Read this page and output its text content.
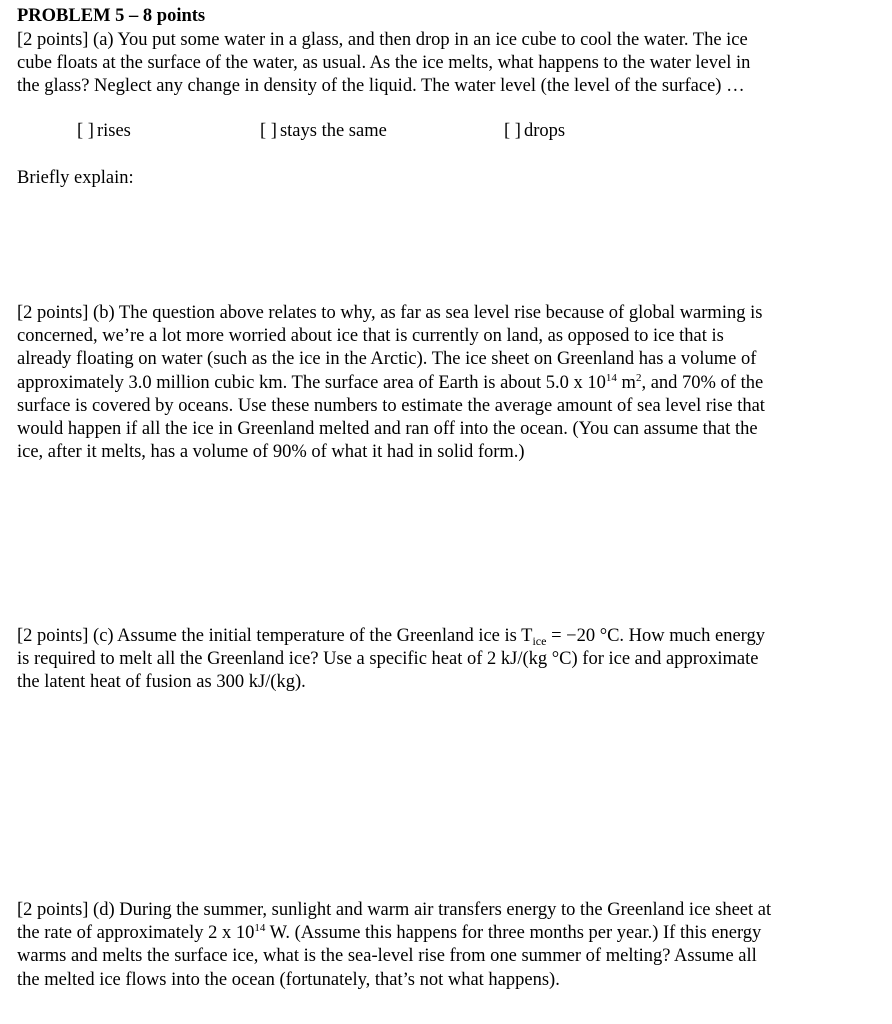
PROBLEM 5 – 8 points
[2 points] (a) You put some water in a glass, and then drop in an ice cube to cool the water. The ice
cube floats at the surface of the water, as usual. As the ice melts, what happens to the water level in
the glass? Neglect any change in density of the liquid. The water level (the level of the surface) …
[ ] rises	[ ] stays the same	[ ] drops
Briefly explain:
[2 points] (b) The question above relates to why, as far as sea level rise because of global warming is
concerned, we’re a lot more worried about ice that is currently on land, as opposed to ice that is
already floating on water (such as the ice in the Arctic). The ice sheet on Greenland has a volume of
approximately 3.0 million cubic km. The surface area of Earth is about 5.0 x $10^{14}$ $m^2$, and 70% of the
surface is covered by oceans. Use these numbers to estimate the average amount of sea level rise that
would happen if all the ice in Greenland melted and ran off into the ocean. (You can assume that the
ice, after it melts, has a volume of 90% of what it had in solid form.)
[2 points] (c) Assume the initial temperature of the Greenland ice is $T_{ice} = -20$ °C. How much energy
is required to melt all the Greenland ice? Use a specific heat of 2 kJ/(kg °C) for ice and approximate
the latent heat of fusion as 300 kJ/(kg).
[2 points] (d) During the summer, sunlight and warm air transfers energy to the Greenland ice sheet at
the rate of approximately 2 x $10^{14}$ W. (Assume this happens for three months per year.) If this energy
warms and melts the surface ice, what is the sea-level rise from one summer of melting? Assume all
the melted ice flows into the ocean (fortunately, that’s not what happens).
